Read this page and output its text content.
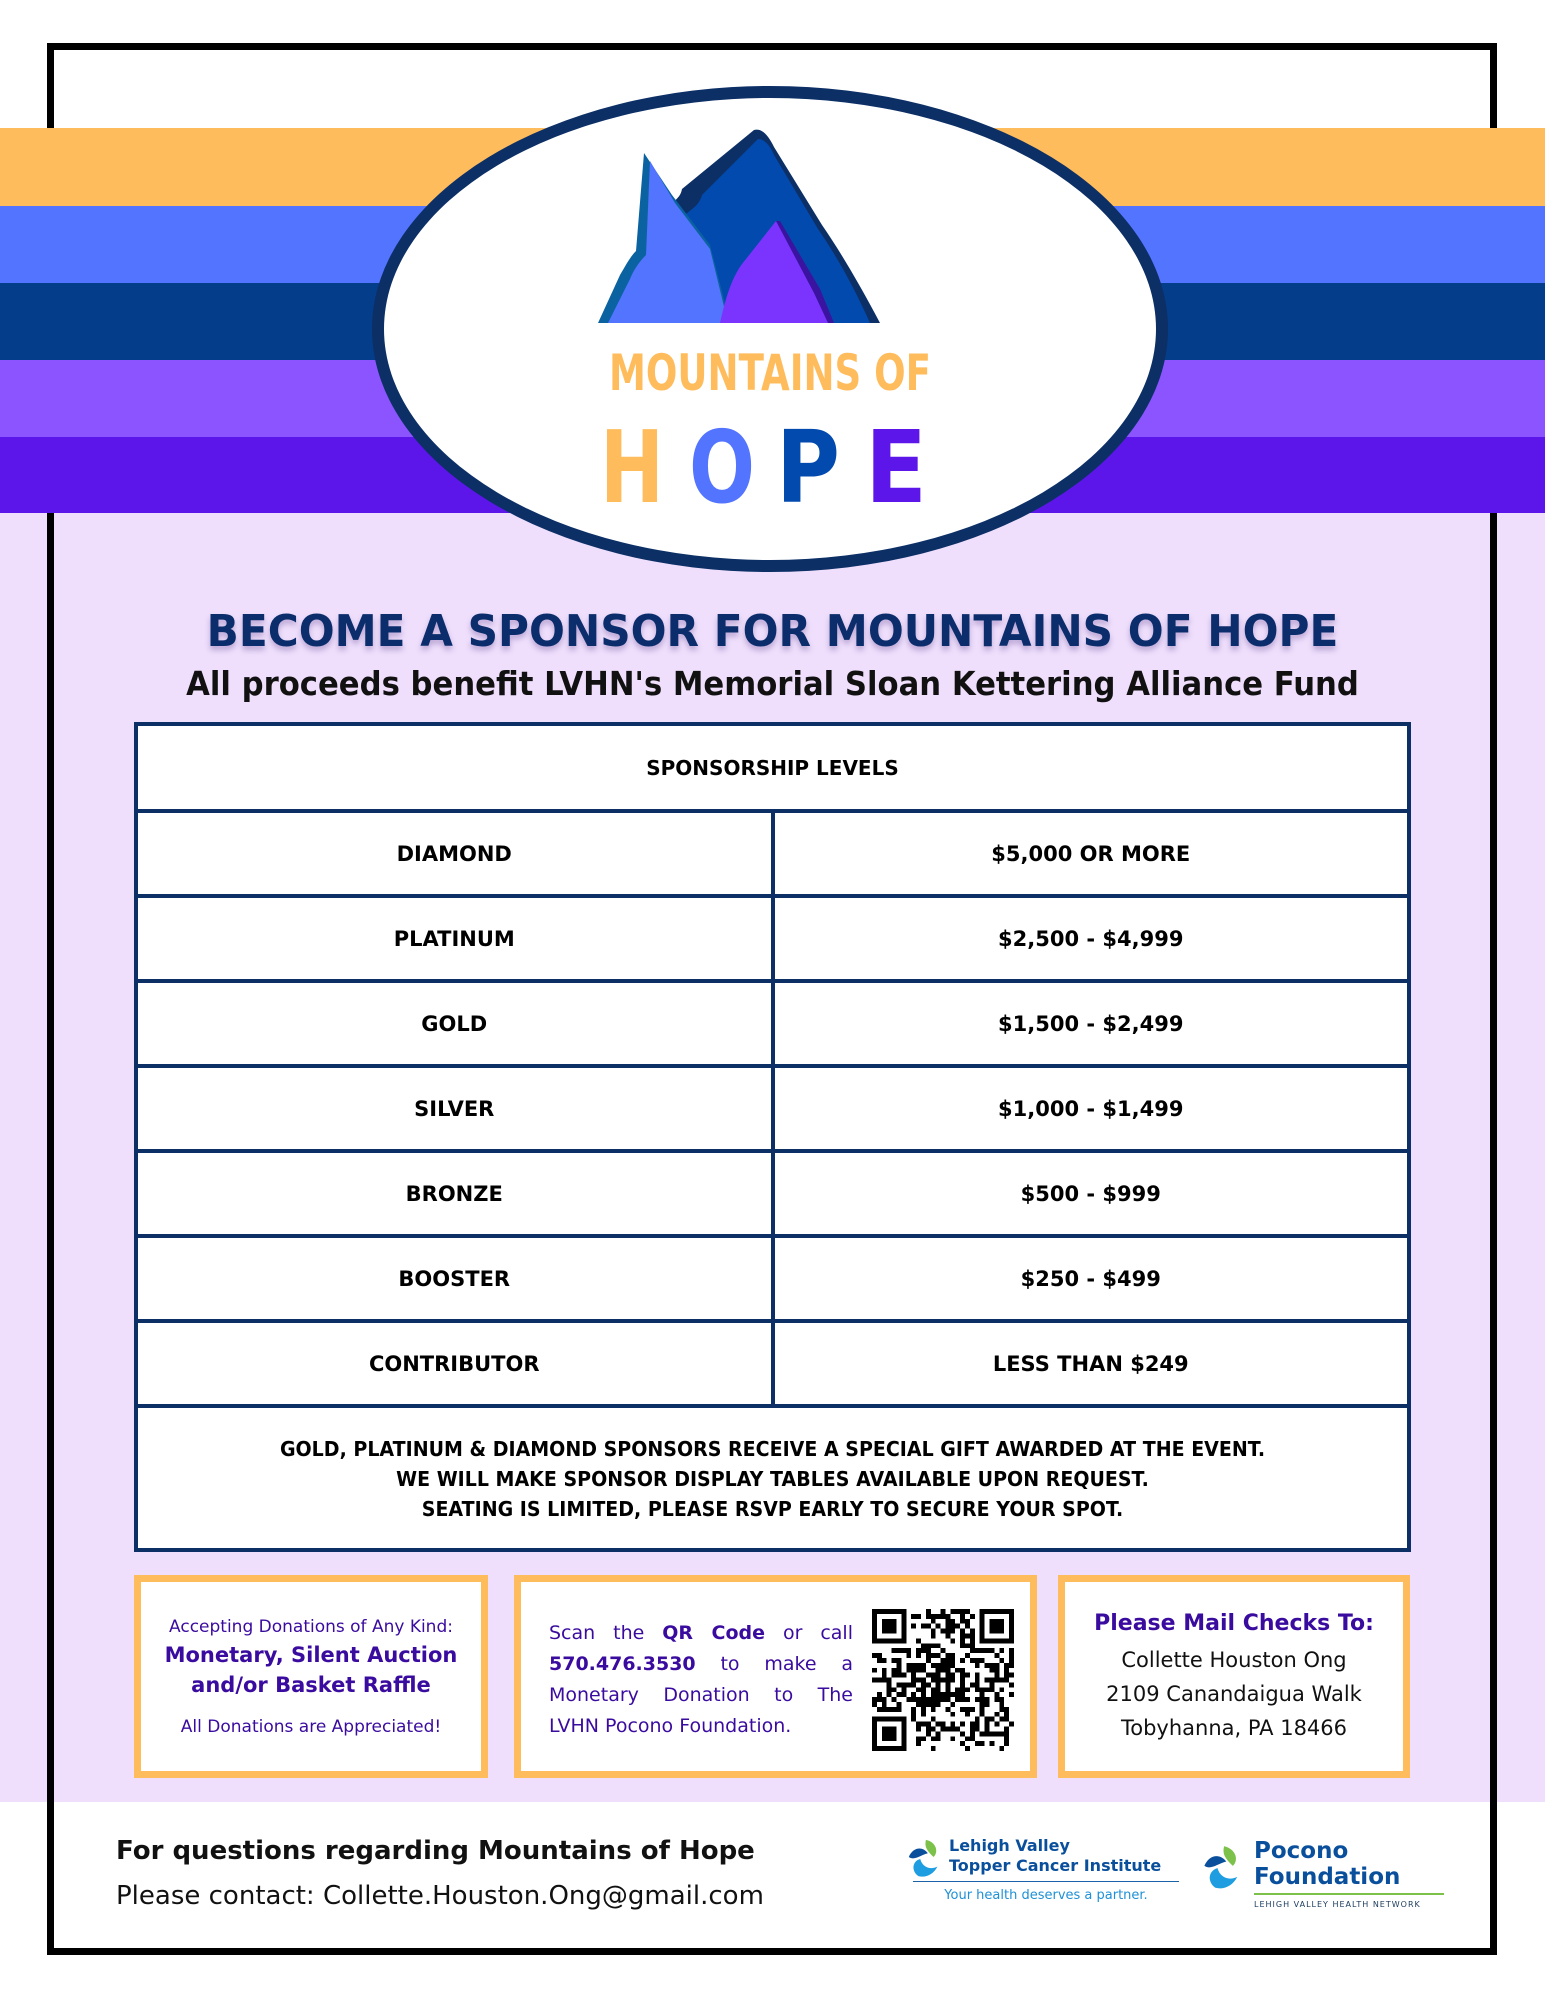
MOUNTAINS OF
H O P E
BECOME A SPONSOR FOR MOUNTAINS OF HOPE
All proceeds benefit LVHN's Memorial Sloan Kettering Alliance Fund
SPONSORSHIP LEVELS
DIAMOND	$5,000 OR MORE
PLATINUM	$2,500 - $4,999
GOLD	$1,500 - $2,499
SILVER	$1,000 - $1,499
BRONZE	$500 - $999
BOOSTER	$250 - $499
CONTRIBUTOR	LESS THAN $249
GOLD, PLATINUM & DIAMOND SPONSORS RECEIVE A SPECIAL GIFT AWARDED AT THE EVENT.
WE WILL MAKE SPONSOR DISPLAY TABLES AVAILABLE UPON REQUEST.
SEATING IS LIMITED, PLEASE RSVP EARLY TO SECURE YOUR SPOT.
Accepting Donations of Any Kind:
Monetary, Silent Auction
and/or Basket Raffle
All Donations are Appreciated!
Scan the QR Code or call 570.476.3530 to make a Monetary Donation to The LVHN Pocono Foundation.
Please Mail Checks To:
Collette Houston Ong
2109 Canandaigua Walk
Tobyhanna, PA 18466
For questions regarding Mountains of Hope
Please contact: Collette.Houston.Ong@gmail.com
Lehigh Valley
Topper Cancer Institute
Your health deserves a partner.
Pocono
Foundation
LEHIGH VALLEY HEALTH NETWORK
